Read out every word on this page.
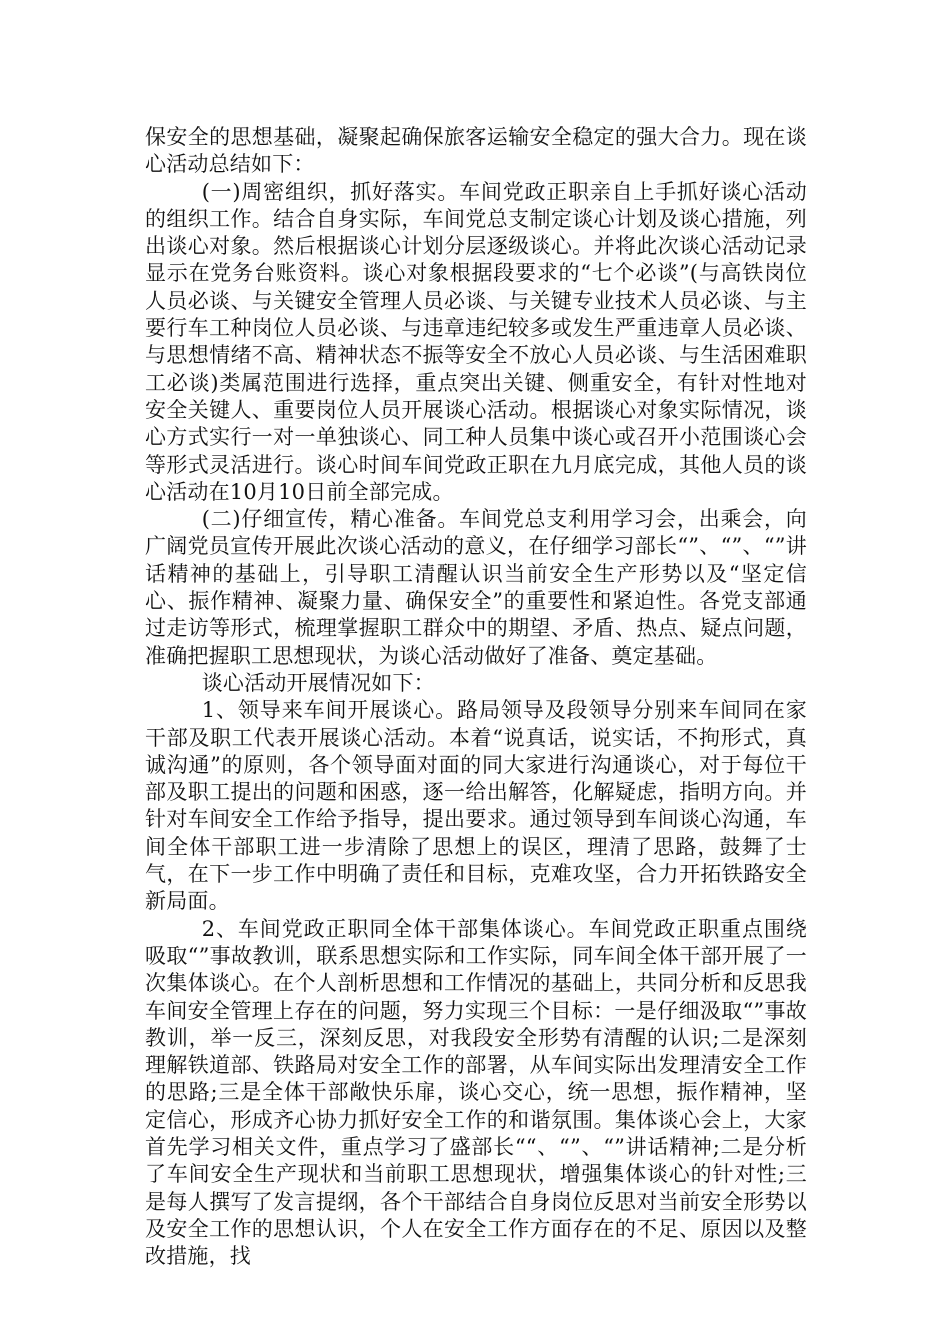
保安全的思想基础，凝聚起确保旅客运输安全稳定的强大合力。现在谈心活动总结如下：

(一)周密组织，抓好落实。车间党政正职亲自上手抓好谈心活动的组织工作。结合自身实际，车间党总支制定谈心计划及谈心措施，列出谈心对象。然后根据谈心计划分层逐级谈心。并将此次谈心活动记录显示在党务台账资料。谈心对象根据段要求的“七个必谈”(与高铁岗位人员必谈、与关键安全管理人员必谈、与关键专业技术人员必谈、与主要行车工种岗位人员必谈、与违章违纪较多或发生严重违章人员必谈、与思想情绪不高、精神状态不振等安全不放心人员必谈、与生活困难职工必谈)类属范围进行选择，重点突出关键、侧重安全，有针对性地对安全关键人、重要岗位人员开展谈心活动。根据谈心对象实际情况，谈心方式实行一对一单独谈心、同工种人员集中谈心或召开小范围谈心会等形式灵活进行。谈心时间车间党政正职在九月底完成，其他人员的谈心活动在10月10日前全部完成。

(二)仔细宣传，精心准备。车间党总支利用学习会，出乘会，向广阔党员宣传开展此次谈心活动的意义，在仔细学习部长“”、“”、“”讲话精神的基础上，引导职工清醒认识当前安全生产形势以及“坚定信心、振作精神、凝聚力量、确保安全”的重要性和紧迫性。各党支部通过走访等形式，梳理掌握职工群众中的期望、矛盾、热点、疑点问题，准确把握职工思想现状，为谈心活动做好了准备、奠定基础。

谈心活动开展情况如下：

1、领导来车间开展谈心。路局领导及段领导分别来车间同在家干部及职工代表开展谈心活动。本着“说真话，说实话，不拘形式，真诚沟通”的原则，各个领导面对面的同大家进行沟通谈心，对于每位干部及职工提出的问题和困惑，逐一给出解答，化解疑虑，指明方向。并针对车间安全工作给予指导，提出要求。通过领导到车间谈心沟通，车间全体干部职工进一步清除了思想上的误区，理清了思路，鼓舞了士气，在下一步工作中明确了责任和目标，克难攻坚，合力开拓铁路安全新局面。

2、车间党政正职同全体干部集体谈心。车间党政正职重点围绕吸取“”事故教训，联系思想实际和工作实际，同车间全体干部开展了一次集体谈心。在个人剖析思想和工作情况的基础上，共同分析和反思我车间安全管理上存在的问题，努力实现三个目标：一是仔细汲取“”事故教训，举一反三，深刻反思，对我段安全形势有清醒的认识;二是深刻理解铁道部、铁路局对安全工作的部署，从车间实际出发理清安全工作的思路;三是全体干部敞快乐扉，谈心交心，统一思想，振作精神，坚定信心，形成齐心协力抓好安全工作的和谐氛围。集体谈心会上，大家首先学习相关文件，重点学习了盛部长““、“”、“”讲话精神;二是分析了车间安全生产现状和当前职工思想现状，增强集体谈心的针对性;三是每人撰写了发言提纲，各个干部结合自身岗位反思对当前安全形势以及安全工作的思想认识，个人在安全工作方面存在的不足、原因以及整改措施，找
